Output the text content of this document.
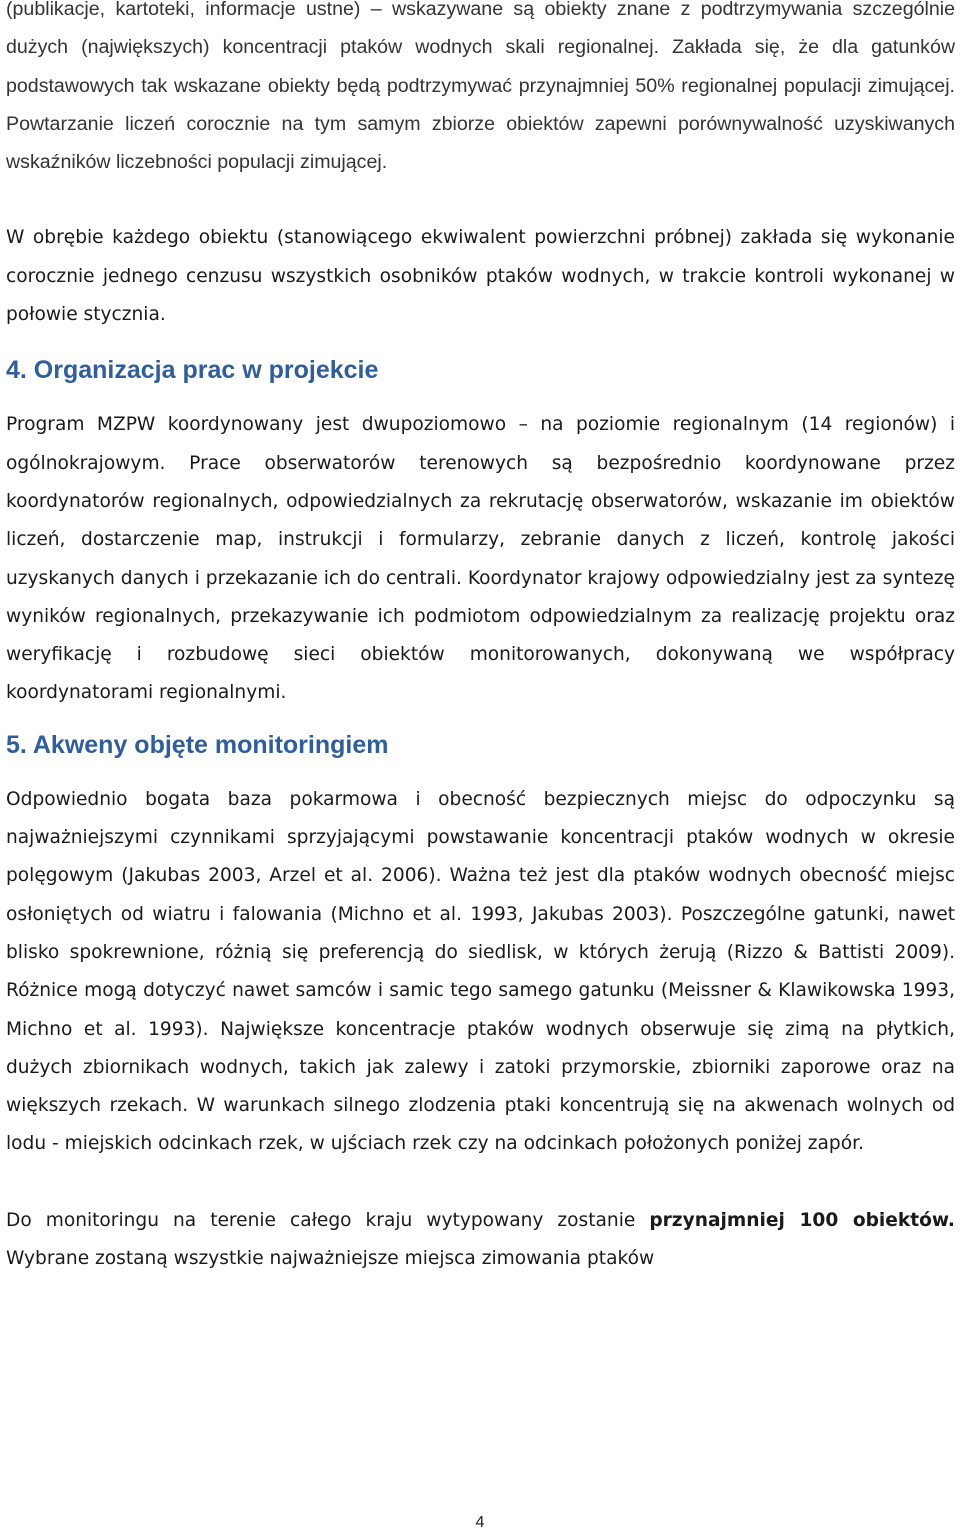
(publikacje, kartoteki, informacje ustne) – wskazywane są obiekty znane z podtrzymywania szczególnie dużych (największych) koncentracji ptaków wodnych skali regionalnej. Zakłada się, że dla gatunków podstawowych tak wskazane obiekty będą podtrzymywać przynajmniej 50% regionalnej populacji zimującej. Powtarzanie liczeń corocznie na tym samym zbiorze obiektów zapewni porównywalność uzyskiwanych wskaźników liczebności populacji zimującej.

W obrębie każdego obiektu (stanowiącego ekwiwalent powierzchni próbnej) zakłada się wykonanie corocznie jednego cenzusu wszystkich osobników ptaków wodnych, w trakcie kontroli wykonanej w połowie stycznia.

4. Organizacja prac w projekcie

Program MZPW koordynowany jest dwupoziomowo – na poziomie regionalnym (14 regionów) i ogólnokrajowym. Prace obserwatorów terenowych są bezpośrednio koordynowane przez koordynatorów regionalnych, odpowiedzialnych za rekrutację obserwatorów, wskazanie im obiektów liczeń, dostarczenie map, instrukcji i formularzy, zebranie danych z liczeń, kontrolę jakości uzyskanych danych i przekazanie ich do centrali. Koordynator krajowy odpowiedzialny jest za syntezę wyników regionalnych, przekazywanie ich podmiotom odpowiedzialnym za realizację projektu oraz weryfikację i rozbudowę sieci obiektów monitorowanych, dokonywaną we współpracy koordynatorami regionalnymi.

5. Akweny objęte monitoringiem

Odpowiednio bogata baza pokarmowa i obecność bezpiecznych miejsc do odpoczynku są najważniejszymi czynnikami sprzyjającymi powstawanie koncentracji ptaków wodnych w okresie polęgowym (Jakubas 2003, Arzel et al. 2006). Ważna też jest dla ptaków wodnych obecność miejsc osłoniętych od wiatru i falowania (Michno et al. 1993, Jakubas 2003). Poszczególne gatunki, nawet blisko spokrewnione, różnią się preferencją do siedlisk, w których żerują (Rizzo & Battisti 2009). Różnice mogą dotyczyć nawet samców i samic tego samego gatunku (Meissner & Klawikowska 1993, Michno et al. 1993). Największe koncentracje ptaków wodnych obserwuje się zimą na płytkich, dużych zbiornikach wodnych, takich jak zalewy i zatoki przymorskie, zbiorniki zaporowe oraz na większych rzekach. W warunkach silnego zlodzenia ptaki koncentrują się na akwenach wolnych od lodu - miejskich odcinkach rzek, w ujściach rzek czy na odcinkach położonych poniżej zapór.

Do monitoringu na terenie całego kraju wytypowany zostanie przynajmniej 100 obiektów. Wybrane zostaną wszystkie najważniejsze miejsca zimowania ptaków

4
